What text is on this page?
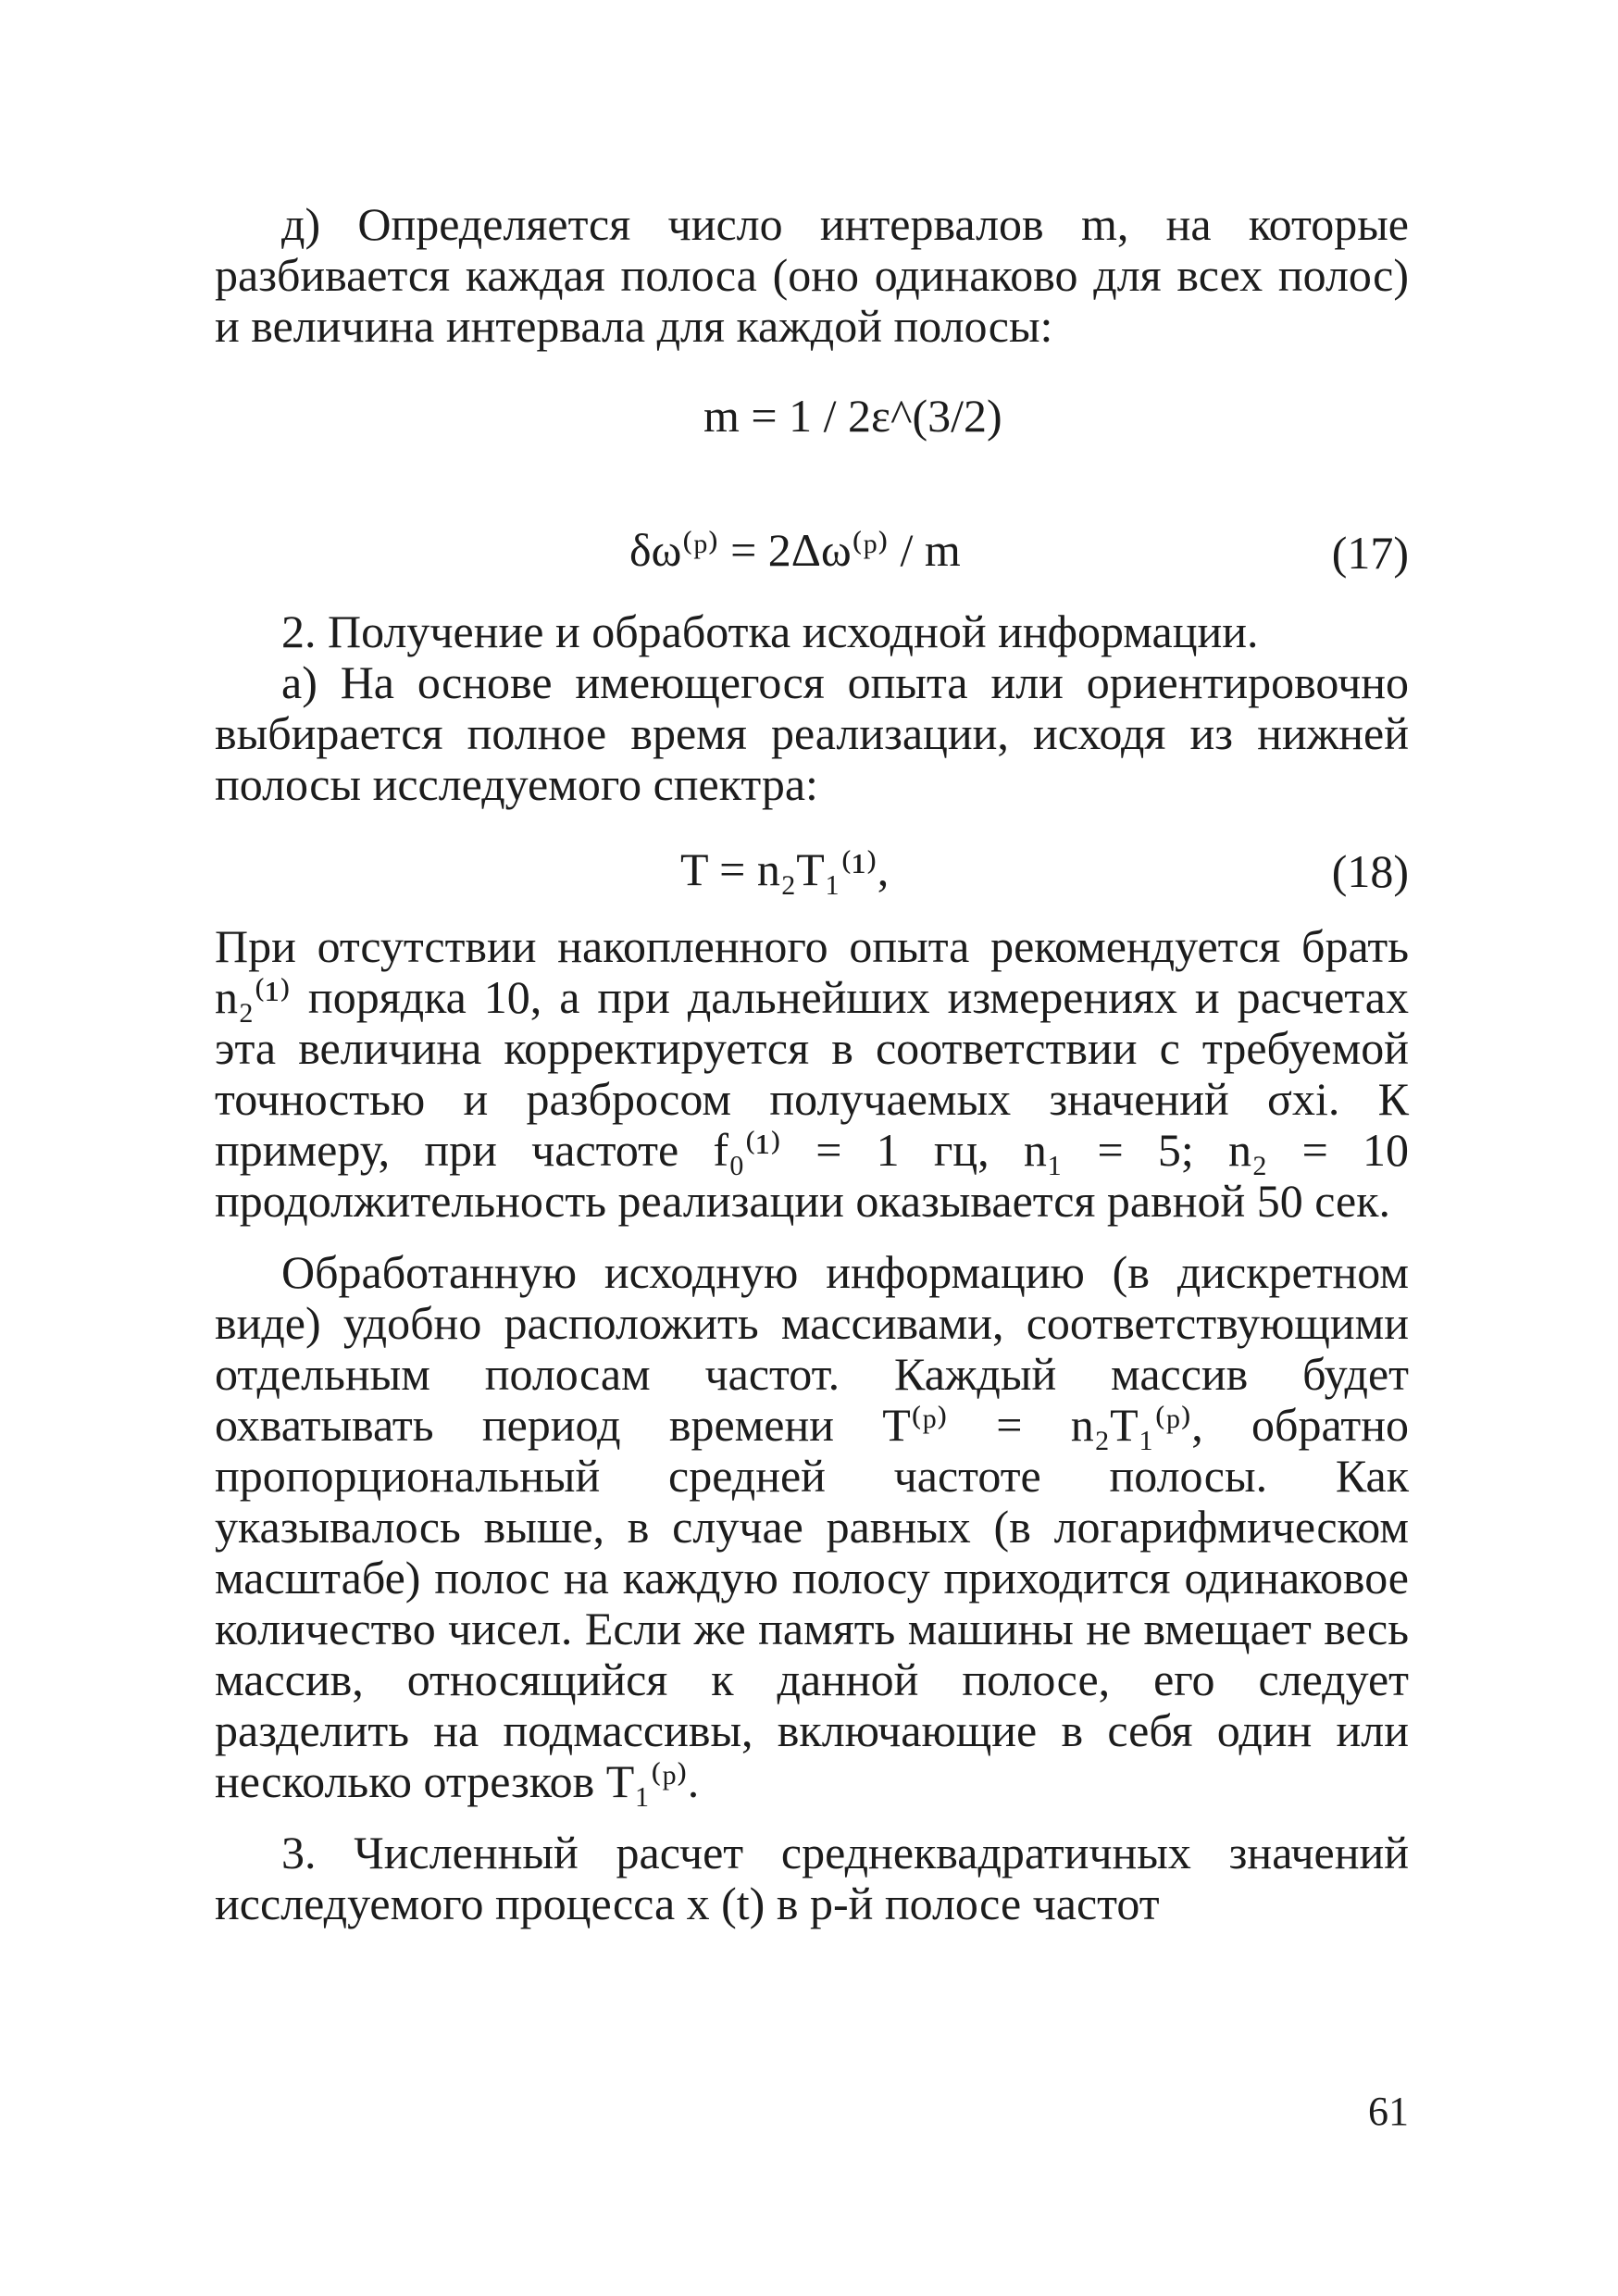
д) Определяется число интервалов m, на которые разбивается каждая полоса (оно одинаково для всех полос) и величина интервала для каждой полосы:

m = 1 / 2ε^(3/2)
δω⁽ᵖ⁾ = 2Δω⁽ᵖ⁾ / m	(17)

2. Получение и обработка исходной информации.

а) На основе имеющегося опыта или ориентировочно выбирается полное время реализации, исходя из нижней полосы исследуемого спектра:

T = n₂T₁⁽¹⁾,	(18)

При отсутствии накопленного опыта рекомендуется брать n₂⁽¹⁾ порядка 10, а при дальнейших измерениях и расчетах эта величина корректируется в соответствии с требуемой точностью и разбросом получаемых значений σxi. К примеру, при частоте f₀⁽¹⁾ = 1 гц, n₁ = 5; n₂ = 10 продолжительность реализации оказывается равной 50 сек.

Обработанную исходную информацию (в дискретном виде) удобно расположить массивами, соответствующими отдельным полосам частот. Каждый массив будет охватывать период времени T⁽ᵖ⁾ = n₂T₁⁽ᵖ⁾, обратно пропорциональный средней частоте полосы. Как указывалось выше, в случае равных (в логарифмическом масштабе) полос на каждую полосу приходится одинаковое количество чисел. Если же память машины не вмещает весь массив, относящийся к данной полосе, его следует разделить на подмассивы, включающие в себя один или несколько отрезков T₁⁽ᵖ⁾.

3. Численный расчет среднеквадратичных значений исследуемого процесса x (t) в p-й полосе частот

61
